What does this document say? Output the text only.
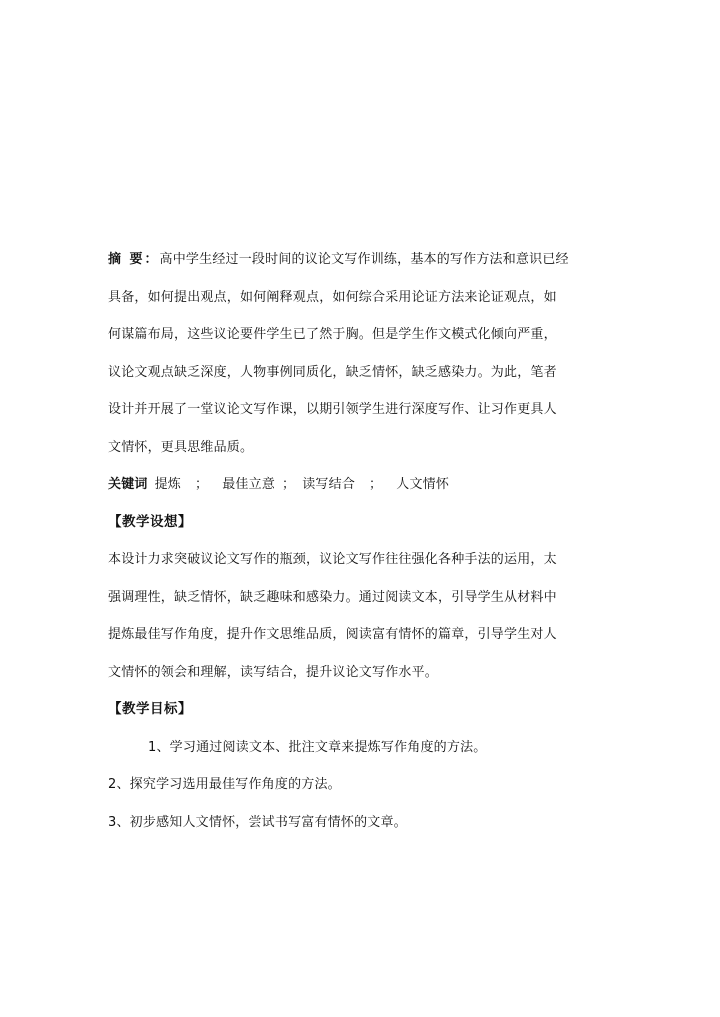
摘 要：高中学生经过一段时间的议论文写作训练，基本的写作方法和意识已经
具备，如何提出观点，如何阐释观点，如何综合采用论证方法来论证观点，如
何谋篇布局，这些议论要件学生已了然于胸。但是学生作文模式化倾向严重，
议论文观点缺乏深度，人物事例同质化，缺乏情怀，缺乏感染力。为此，笔者
设计并开展了一堂议论文写作课，以期引领学生进行深度写作、让习作更具人
文情怀，更具思维品质。
关键词 提炼 ； 最佳立意 ； 读写结合 ； 人文情怀
【教学设想】
本设计力求突破议论文写作的瓶颈，议论文写作往往强化各种手法的运用，太
强调理性，缺乏情怀，缺乏趣味和感染力。通过阅读文本，引导学生从材料中
提炼最佳写作角度，提升作文思维品质，阅读富有情怀的篇章，引导学生对人
文情怀的领会和理解，读写结合，提升议论文写作水平。
【教学目标】
1、学习通过阅读文本、批注文章来提炼写作角度的方法。
2、探究学习选用最佳写作角度的方法。
3、初步感知人文情怀，尝试书写富有情怀的文章。
